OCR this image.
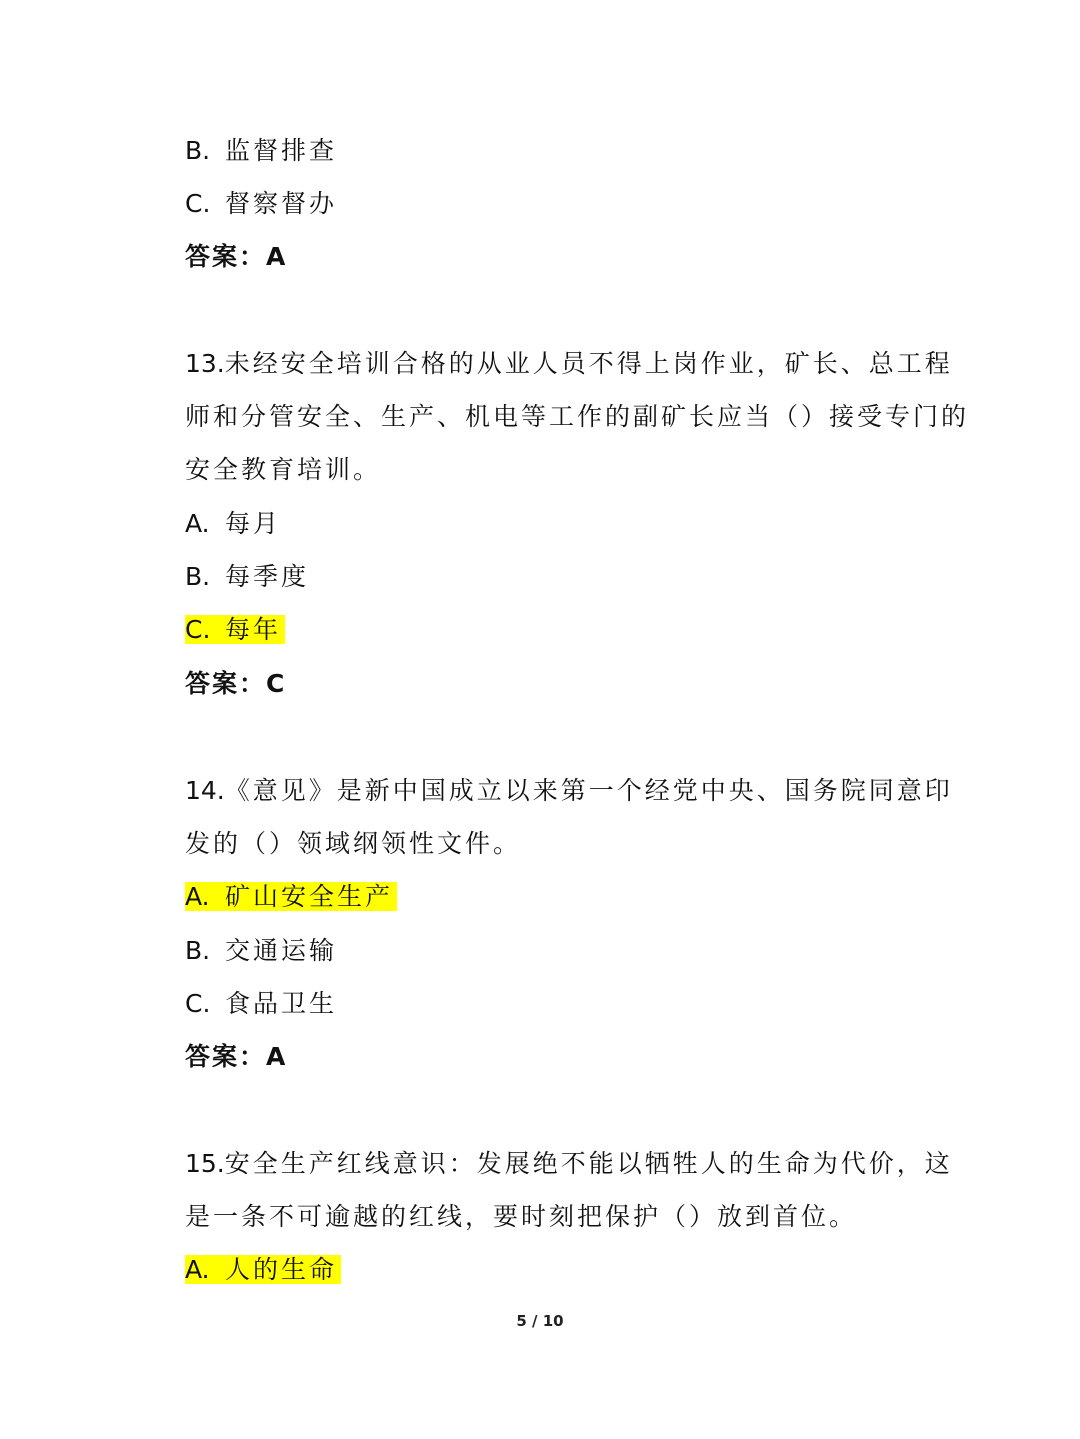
B. 监督排查
C. 督察督办
答案：A
13.未经安全培训合格的从业人员不得上岗作业，矿长、总工程
师和分管安全、生产、机电等工作的副矿长应当（）接受专门的
安全教育培训。
A. 每月
B. 每季度
C. 每年
答案：C
14.《意见》是新中国成立以来第一个经党中央、国务院同意印
发的（）领域纲领性文件。
A. 矿山安全生产
B. 交通运输
C. 食品卫生
答案：A
15.安全生产红线意识：发展绝不能以牺牲人的生命为代价，这
是一条不可逾越的红线，要时刻把保护（）放到首位。
A. 人的生命
5 / 10
